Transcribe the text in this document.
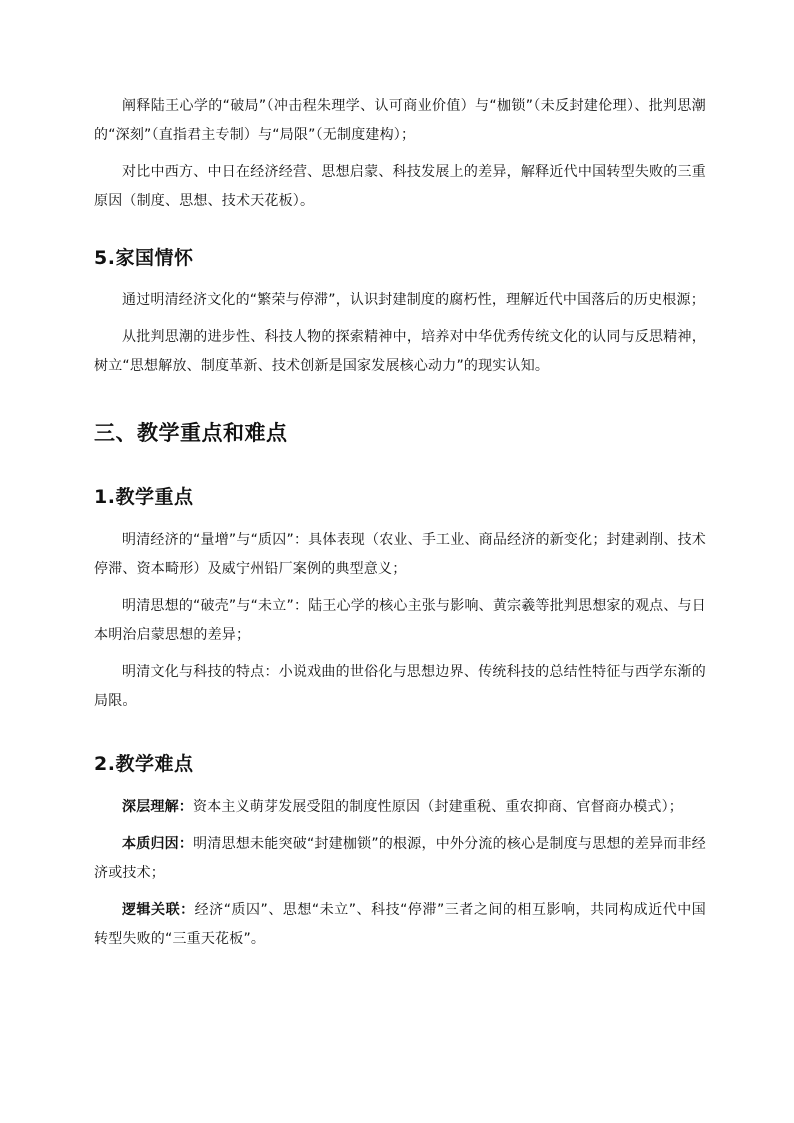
阐释陆王心学的“破局”（冲击程朱理学、认可商业价值）与“枷锁”（未反封建伦理）、批判思潮的“深刻”（直指君主专制）与“局限”（无制度建构）；

对比中西方、中日在经济经营、思想启蒙、科技发展上的差异，解释近代中国转型失败的三重原因（制度、思想、技术天花板）。

5.家国情怀

通过明清经济文化的“繁荣与停滞”，认识封建制度的腐朽性，理解近代中国落后的历史根源；

从批判思潮的进步性、科技人物的探索精神中，培养对中华优秀传统文化的认同与反思精神，树立“思想解放、制度革新、技术创新是国家发展核心动力”的现实认知。

三、教学重点和难点
1.教学重点

明清经济的“量增”与“质囚”：具体表现（农业、手工业、商品经济的新变化；封建剥削、技术停滞、资本畸形）及威宁州铅厂案例的典型意义；

明清思想的“破壳”与“未立”：陆王心学的核心主张与影响、黄宗羲等批判思想家的观点、与日本明治启蒙思想的差异；

明清文化与科技的特点：小说戏曲的世俗化与思想边界、传统科技的总结性特征与西学东渐的局限。

2.教学难点

深层理解：资本主义萌芽发展受阻的制度性原因（封建重税、重农抑商、官督商办模式）；

本质归因：明清思想未能突破“封建枷锁”的根源，中外分流的核心是制度与思想的差异而非经济或技术；

逻辑关联：经济“质囚”、思想“未立”、科技“停滞”三者之间的相互影响，共同构成近代中国转型失败的“三重天花板”。
